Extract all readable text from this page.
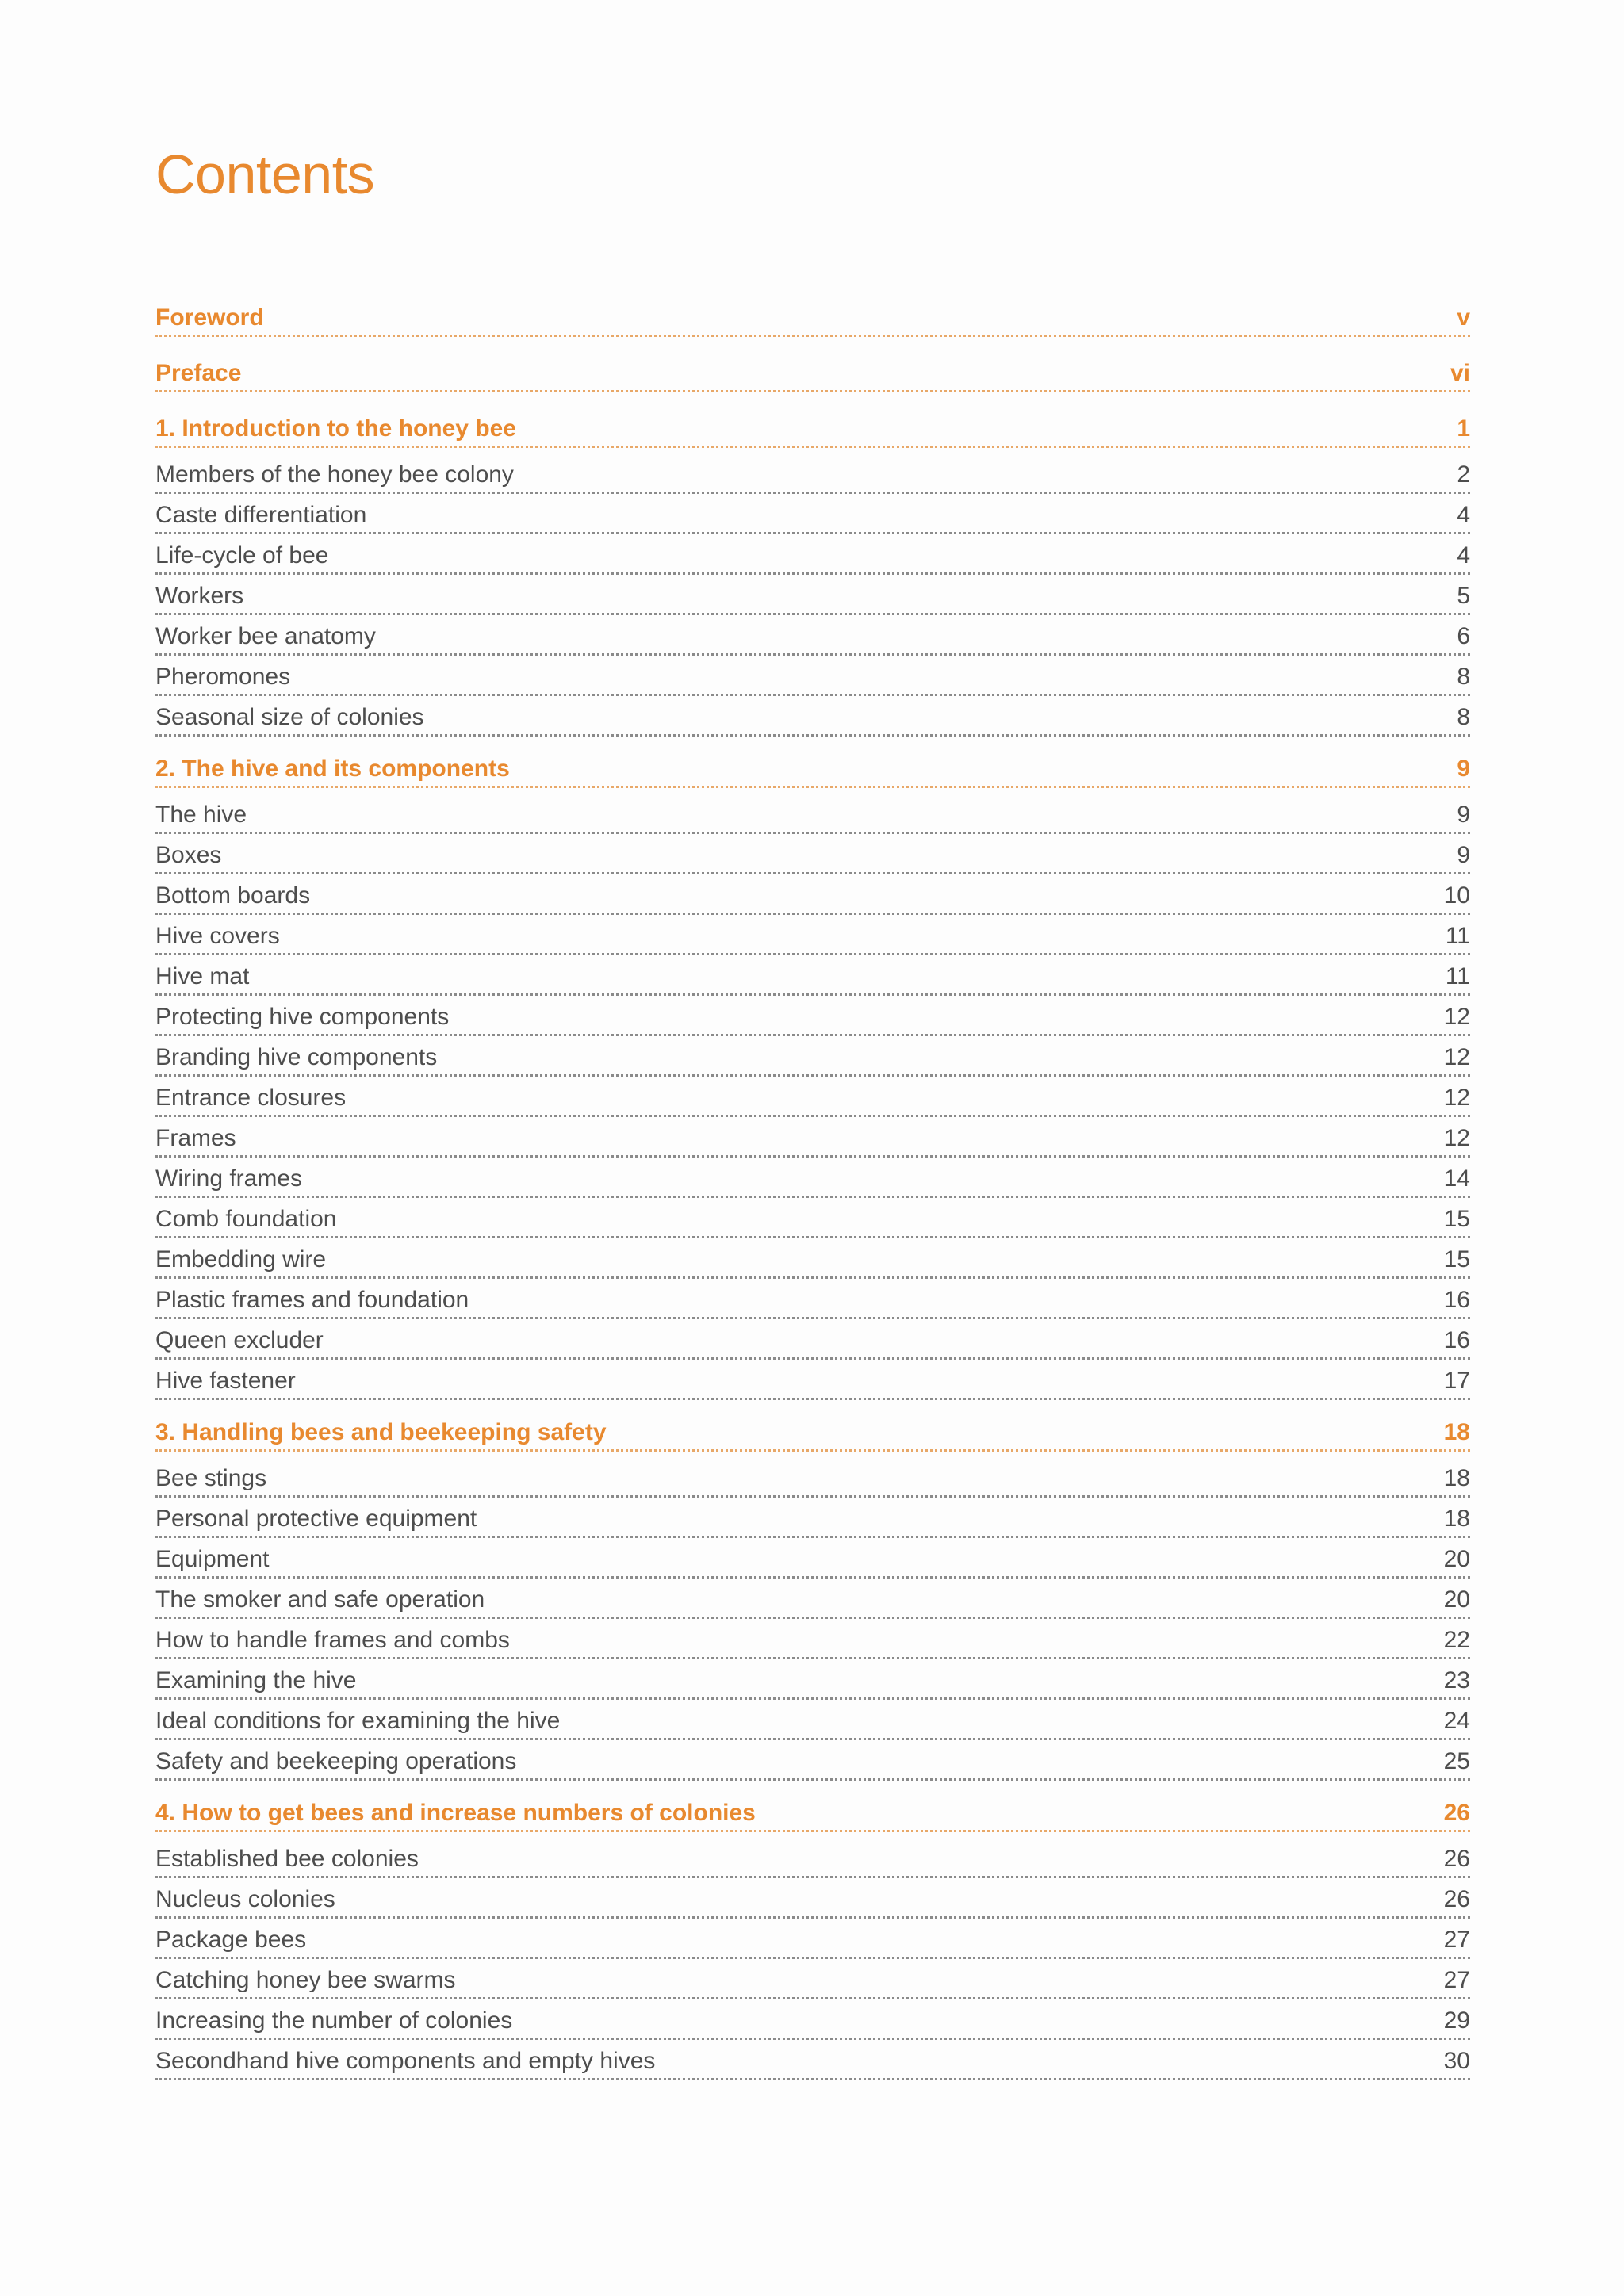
Contents
Foreword	v
Preface	vi
1. Introduction to the honey bee	1
Members of the honey bee colony	2
Caste differentiation	4
Life-cycle of bee	4
Workers	5
Worker bee anatomy	6
Pheromones	8
Seasonal size of colonies	8
2. The hive and its components	9
The hive	9
Boxes	9
Bottom boards	10
Hive covers	11
Hive mat	11
Protecting hive components	12
Branding hive components	12
Entrance closures	12
Frames	12
Wiring frames	14
Comb foundation	15
Embedding wire	15
Plastic frames and foundation	16
Queen excluder	16
Hive fastener	17
3. Handling bees and beekeeping safety	18
Bee stings	18
Personal protective equipment	18
Equipment	20
The smoker and safe operation	20
How to handle frames and combs	22
Examining the hive	23
Ideal conditions for examining the hive	24
Safety and beekeeping operations	25
4. How to get bees and increase numbers of colonies	26
Established bee colonies	26
Nucleus colonies	26
Package bees	27
Catching honey bee swarms	27
Increasing the number of colonies	29
Secondhand hive components and empty hives	30
